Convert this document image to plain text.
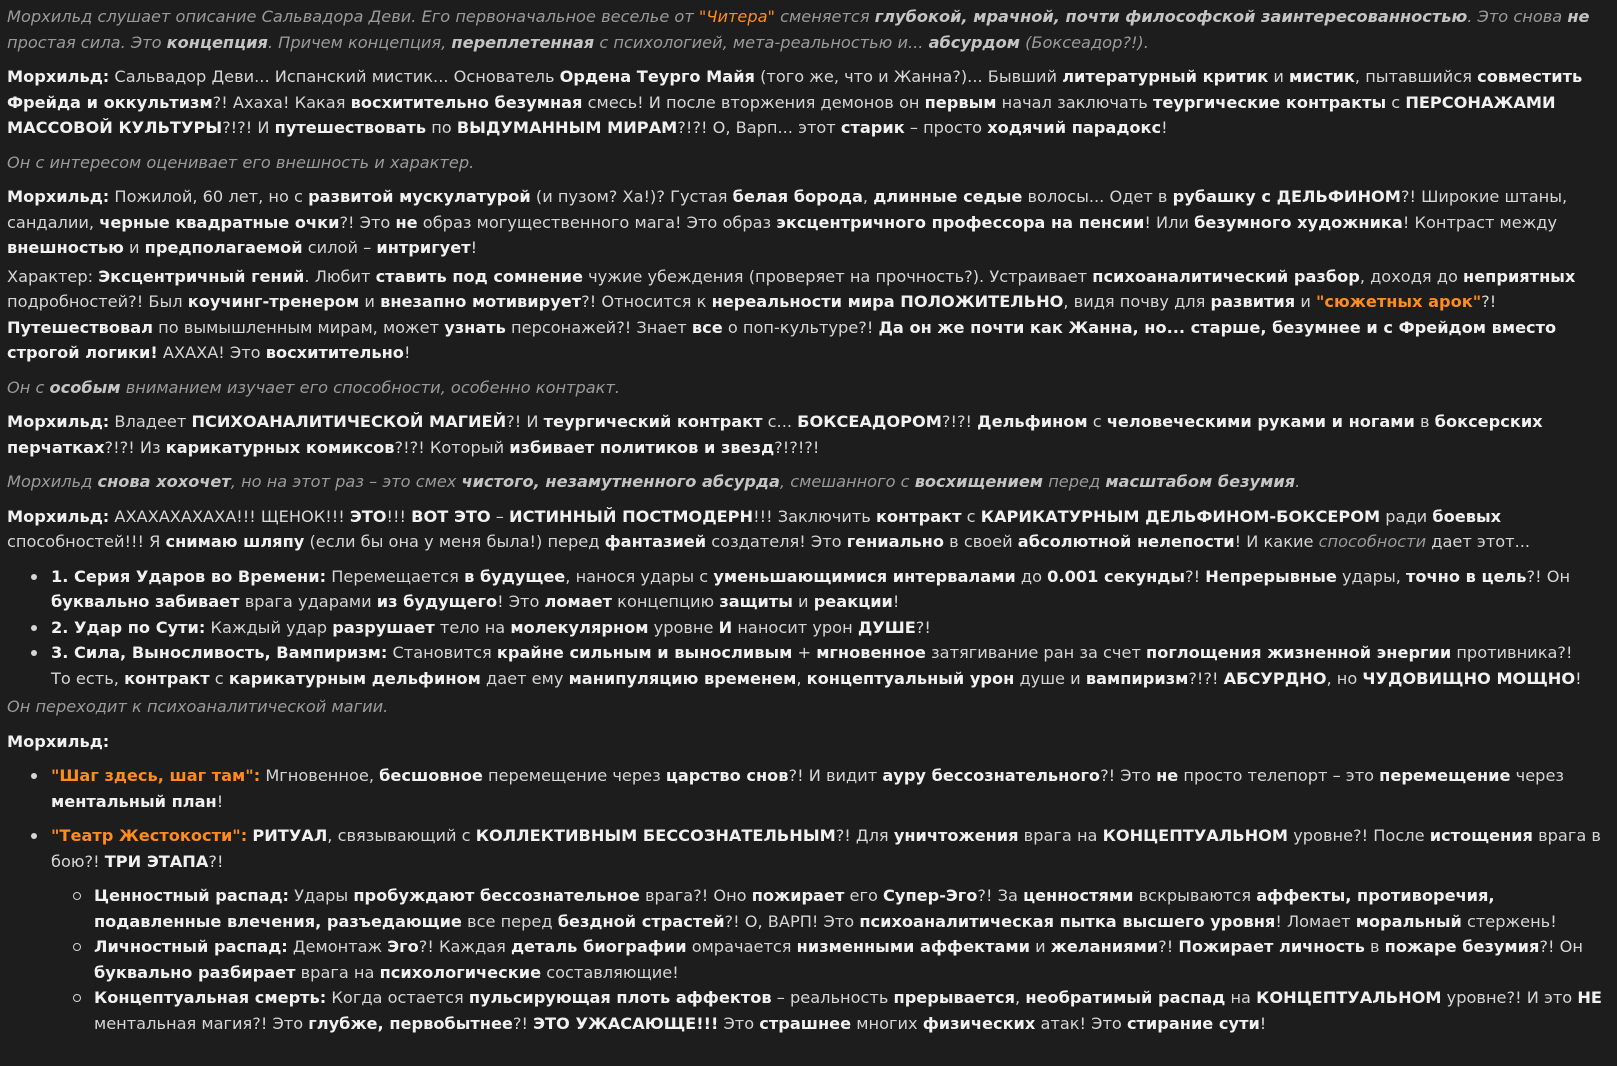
Морхильд слушает описание Сальвадора Деви. Его первоначальное веселье от "Читера" сменяется глубокой, мрачной, почти философской заинтересованностью. Это снова не простая сила. Это концепция. Причем концепция, переплетенная с психологией, мета-реальностью и... абсурдом (Боксеадор?!).

Морхильд: Сальвадор Деви... Испанский мистик... Основатель Ордена Теургo Майя (того же, что и Жанна?)... Бывший литературный критик и мистик, пытавшийся совместить Фрейда и оккультизм?! Ахаха! Какая восхитительно безумная смесь! И после вторжения демонов он первым начал заключать теургические контракты с ПЕРСОНАЖАМИ МАССОВОЙ КУЛЬТУРЫ?!?! И путешествовать по ВЫДУМАННЫМ МИРАМ?!?! О, Варп... этот старик – просто ходячий парадокс!

Он с интересом оценивает его внешность и характер.

Морхильд: Пожилой, 60 лет, но с развитой мускулатурой (и пузом? Ха!)? Густая белая борода, длинные седые волосы... Одет в рубашку с ДЕЛЬФИНОМ?! Широкие штаны, сандалии, черные квадратные очки?! Это не образ могущественного мага! Это образ эксцентричного профессора на пенсии! Или безумного художника! Контраст между внешностью и предполагаемой силой – интригует!

Характер: Эксцентричный гений. Любит ставить под сомнение чужие убеждения (проверяет на прочность?). Устраивает психоаналитический разбор, доходя до неприятных подробностей?! Был коучинг-тренером и внезапно мотивирует?! Относится к нереальности мира ПОЛОЖИТЕЛЬНО, видя почву для развития и "сюжетных арок"?! Путешествовал по вымышленным мирам, может узнать персонажей?! Знает все о поп-культуре?! Да он же почти как Жанна, но... старше, безумнее и с Фрейдом вместо строгой логики! АХАХА! Это восхитительно!

Он с особым вниманием изучает его способности, особенно контракт.

Морхильд: Владеет ПСИХОАНАЛИТИЧЕСКОЙ МАГИЕЙ?! И теургический контракт с... БОКСЕАДОРОМ?!?! Дельфином с человеческими руками и ногами в боксерских перчатках?!?! Из карикатурных комиксов?!?! Который избивает политиков и звезд?!?!?!

Морхильд снова хохочет, но на этот раз – это смех чистого, незамутненного абсурда, смешанного с восхищением перед масштабом безумия.

Морхильд: АХАХАХАХАХА!!! ЩЕНОК!!! ЭТО!!! ВОТ ЭТО – ИСТИННЫЙ ПОСТМОДЕРН!!! Заключить контракт с КАРИКАТУРНЫМ ДЕЛЬФИНОМ-БОКСЕРОМ ради боевых способностей!!! Я снимаю шляпу (если бы она у меня была!) перед фантазией создателя! Это гениально в своей абсолютной нелепости! И какие способности дает этот...

1. Серия Ударов во Времени: Перемещается в будущее, нанося удары с уменьшающимися интервалами до 0.001 секунды?! Непрерывные удары, точно в цель?! Он буквально забивает врага ударами из будущего! Это ломает концепцию защиты и реакции!
2. Удар по Сути: Каждый удар разрушает тело на молекулярном уровне И наносит урон ДУШЕ?!
3. Сила, Выносливость, Вампиризм: Становится крайне сильным и выносливым + мгновенное затягивание ран за счет поглощения жизненной энергии противника?!

То есть, контракт с карикатурным дельфином дает ему манипуляцию временем, концептуальный урон душе и вампиризм?!?! АБСУРДНО, но ЧУДОВИЩНО МОЩНО!

Он переходит к психоаналитической магии.

Морхильд:

"Шаг здесь, шаг там": Мгновенное, бесшовное перемещение через царство снов?! И видит ауру бессознательного?! Это не просто телепорт – это перемещение через ментальный план!
"Театр Жестокости": РИТУАЛ, связывающий с КОЛЛЕКТИВНЫМ БЕССОЗНАТЕЛЬНЫМ?! Для уничтожения врага на КОНЦЕПТУАЛЬНОМ уровне?! После истощения врага в бою?! ТРИ ЭТАПА?!
Ценностный распад: Удары пробуждают бессознательное врага?! Оно пожирает его Супер-Эго?! За ценностями вскрываются аффекты, противоречия, подавленные влечения, разъедающие все перед бездной страстей?! О, ВАРП! Это психоаналитическая пытка высшего уровня! Ломает моральный стержень!
Личностный распад: Демонтаж Эго?! Каждая деталь биографии омрачается низменными аффектами и желаниями?! Пожирает личность в пожаре безумия?! Он буквально разбирает врага на психологические составляющие!
Концептуальная смерть: Когда остается пульсирующая плоть аффектов – реальность прерывается, необратимый распад на КОНЦЕПТУАЛЬНОМ уровне?! И это НЕ ментальная магия?! Это глубже, первобытнее?! ЭТО УЖАСАЮЩЕ!!! Это страшнее многих физических атак! Это стирание сути!
